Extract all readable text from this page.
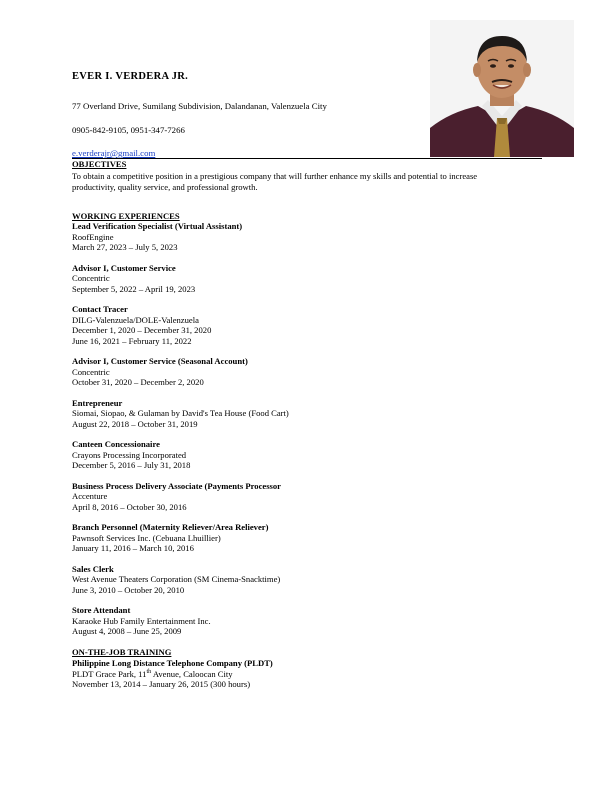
EVER I. VERDERA JR.
77 Overland Drive, Sumilang Subdivision, Dalandanan, Valenzuela City
0905-842-9105, 0951-347-7266
e.verderajr@gmail.com
OBJECTIVES
To obtain a competitive position in a prestigious company that will further enhance my skills and potential to increase productivity, quality service, and professional growth.
WORKING EXPERIENCES
Lead Verification Specialist (Virtual Assistant)
RoofEngine
March 27, 2023 – July 5, 2023
Advisor I, Customer Service
Concentric
September 5, 2022 – April 19, 2023
Contact Tracer
DILG-Valenzuela/DOLE-Valenzuela
December 1, 2020 – December 31, 2020
June 16, 2021 – February 11, 2022
Advisor I, Customer Service (Seasonal Account)
Concentric
October 31, 2020 – December 2, 2020
Entrepreneur
Siomai, Siopao, & Gulaman by David's Tea House (Food Cart)
August 22, 2018 – October 31, 2019
Canteen Concessionaire
Crayons Processing Incorporated
December 5, 2016 – July 31, 2018
Business Process Delivery Associate (Payments Processor
Accenture
April 8, 2016 – October 30, 2016
Branch Personnel (Maternity Reliever/Area Reliever)
Pawnsoft Services Inc. (Cebuana Lhuillier)
January 11, 2016 – March 10, 2016
Sales Clerk
West Avenue Theaters Corporation (SM Cinema-Snacktime)
June 3, 2010 – October 20, 2010
Store Attendant
Karaoke Hub Family Entertainment Inc.
August 4, 2008 – June 25, 2009
ON-THE-JOB TRAINING
Philippine Long Distance Telephone Company (PLDT)
PLDT Grace Park, 11th Avenue, Caloocan City
November 13, 2014 – January 26, 2015 (300 hours)
